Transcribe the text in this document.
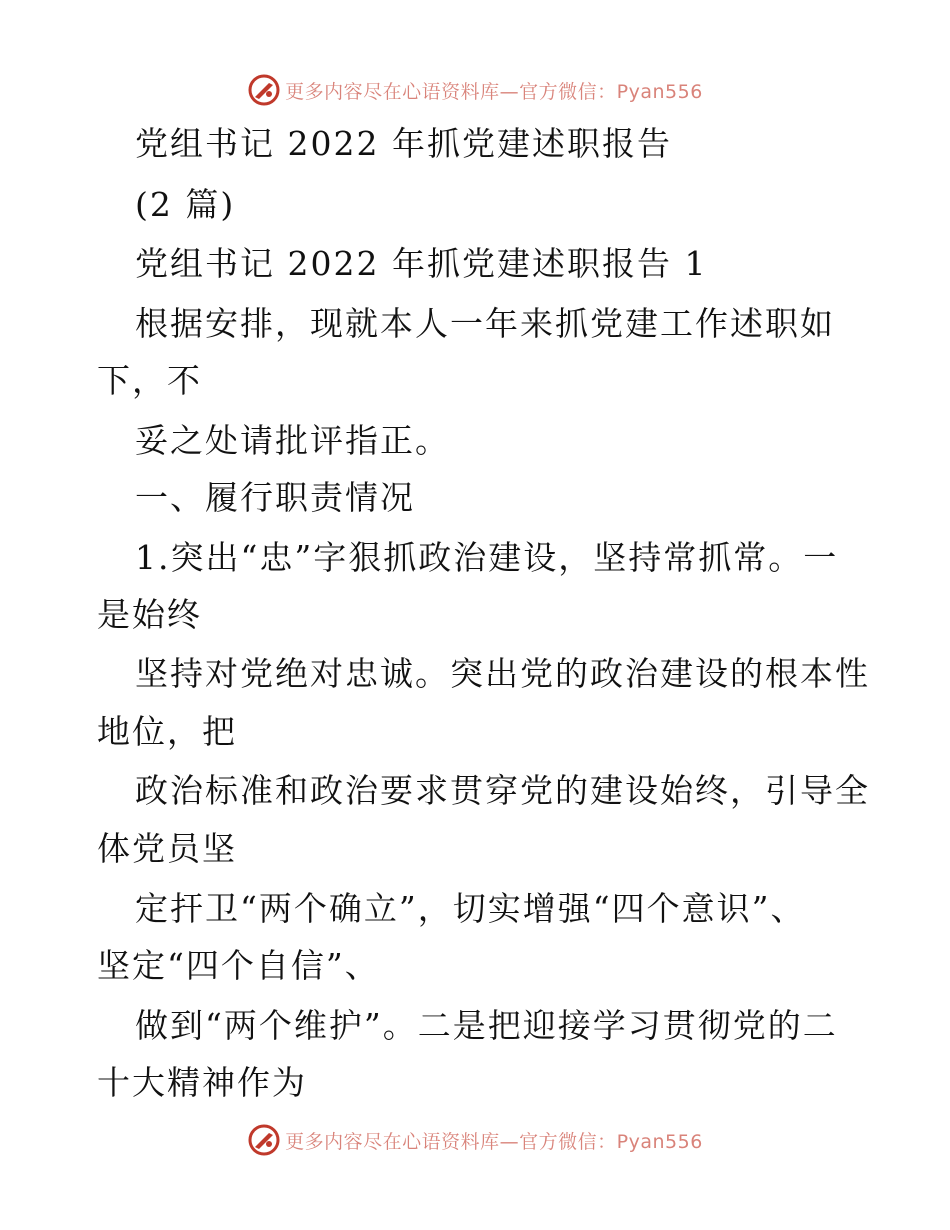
更多内容尽在心语资料库—官方微信：Pyan556
党组书记 2022 年抓党建述职报告
(2 篇)
党组书记 2022 年抓党建述职报告 1
根据安排，现就本人一年来抓党建工作述职如
下，不
妥之处请批评指正。
一、履行职责情况
1.突出“忠”字狠抓政治建设，坚持常抓常。一
是始终
坚持对党绝对忠诚。突出党的政治建设的根本性
地位，把
政治标准和政治要求贯穿党的建设始终，引导全
体党员坚
定扞卫“两个确立”，切实增强“四个意识”、
坚定“四个自信”、
做到“两个维护”。二是把迎接学习贯彻党的二
十大精神作为
更多内容尽在心语资料库—官方微信：Pyan556
